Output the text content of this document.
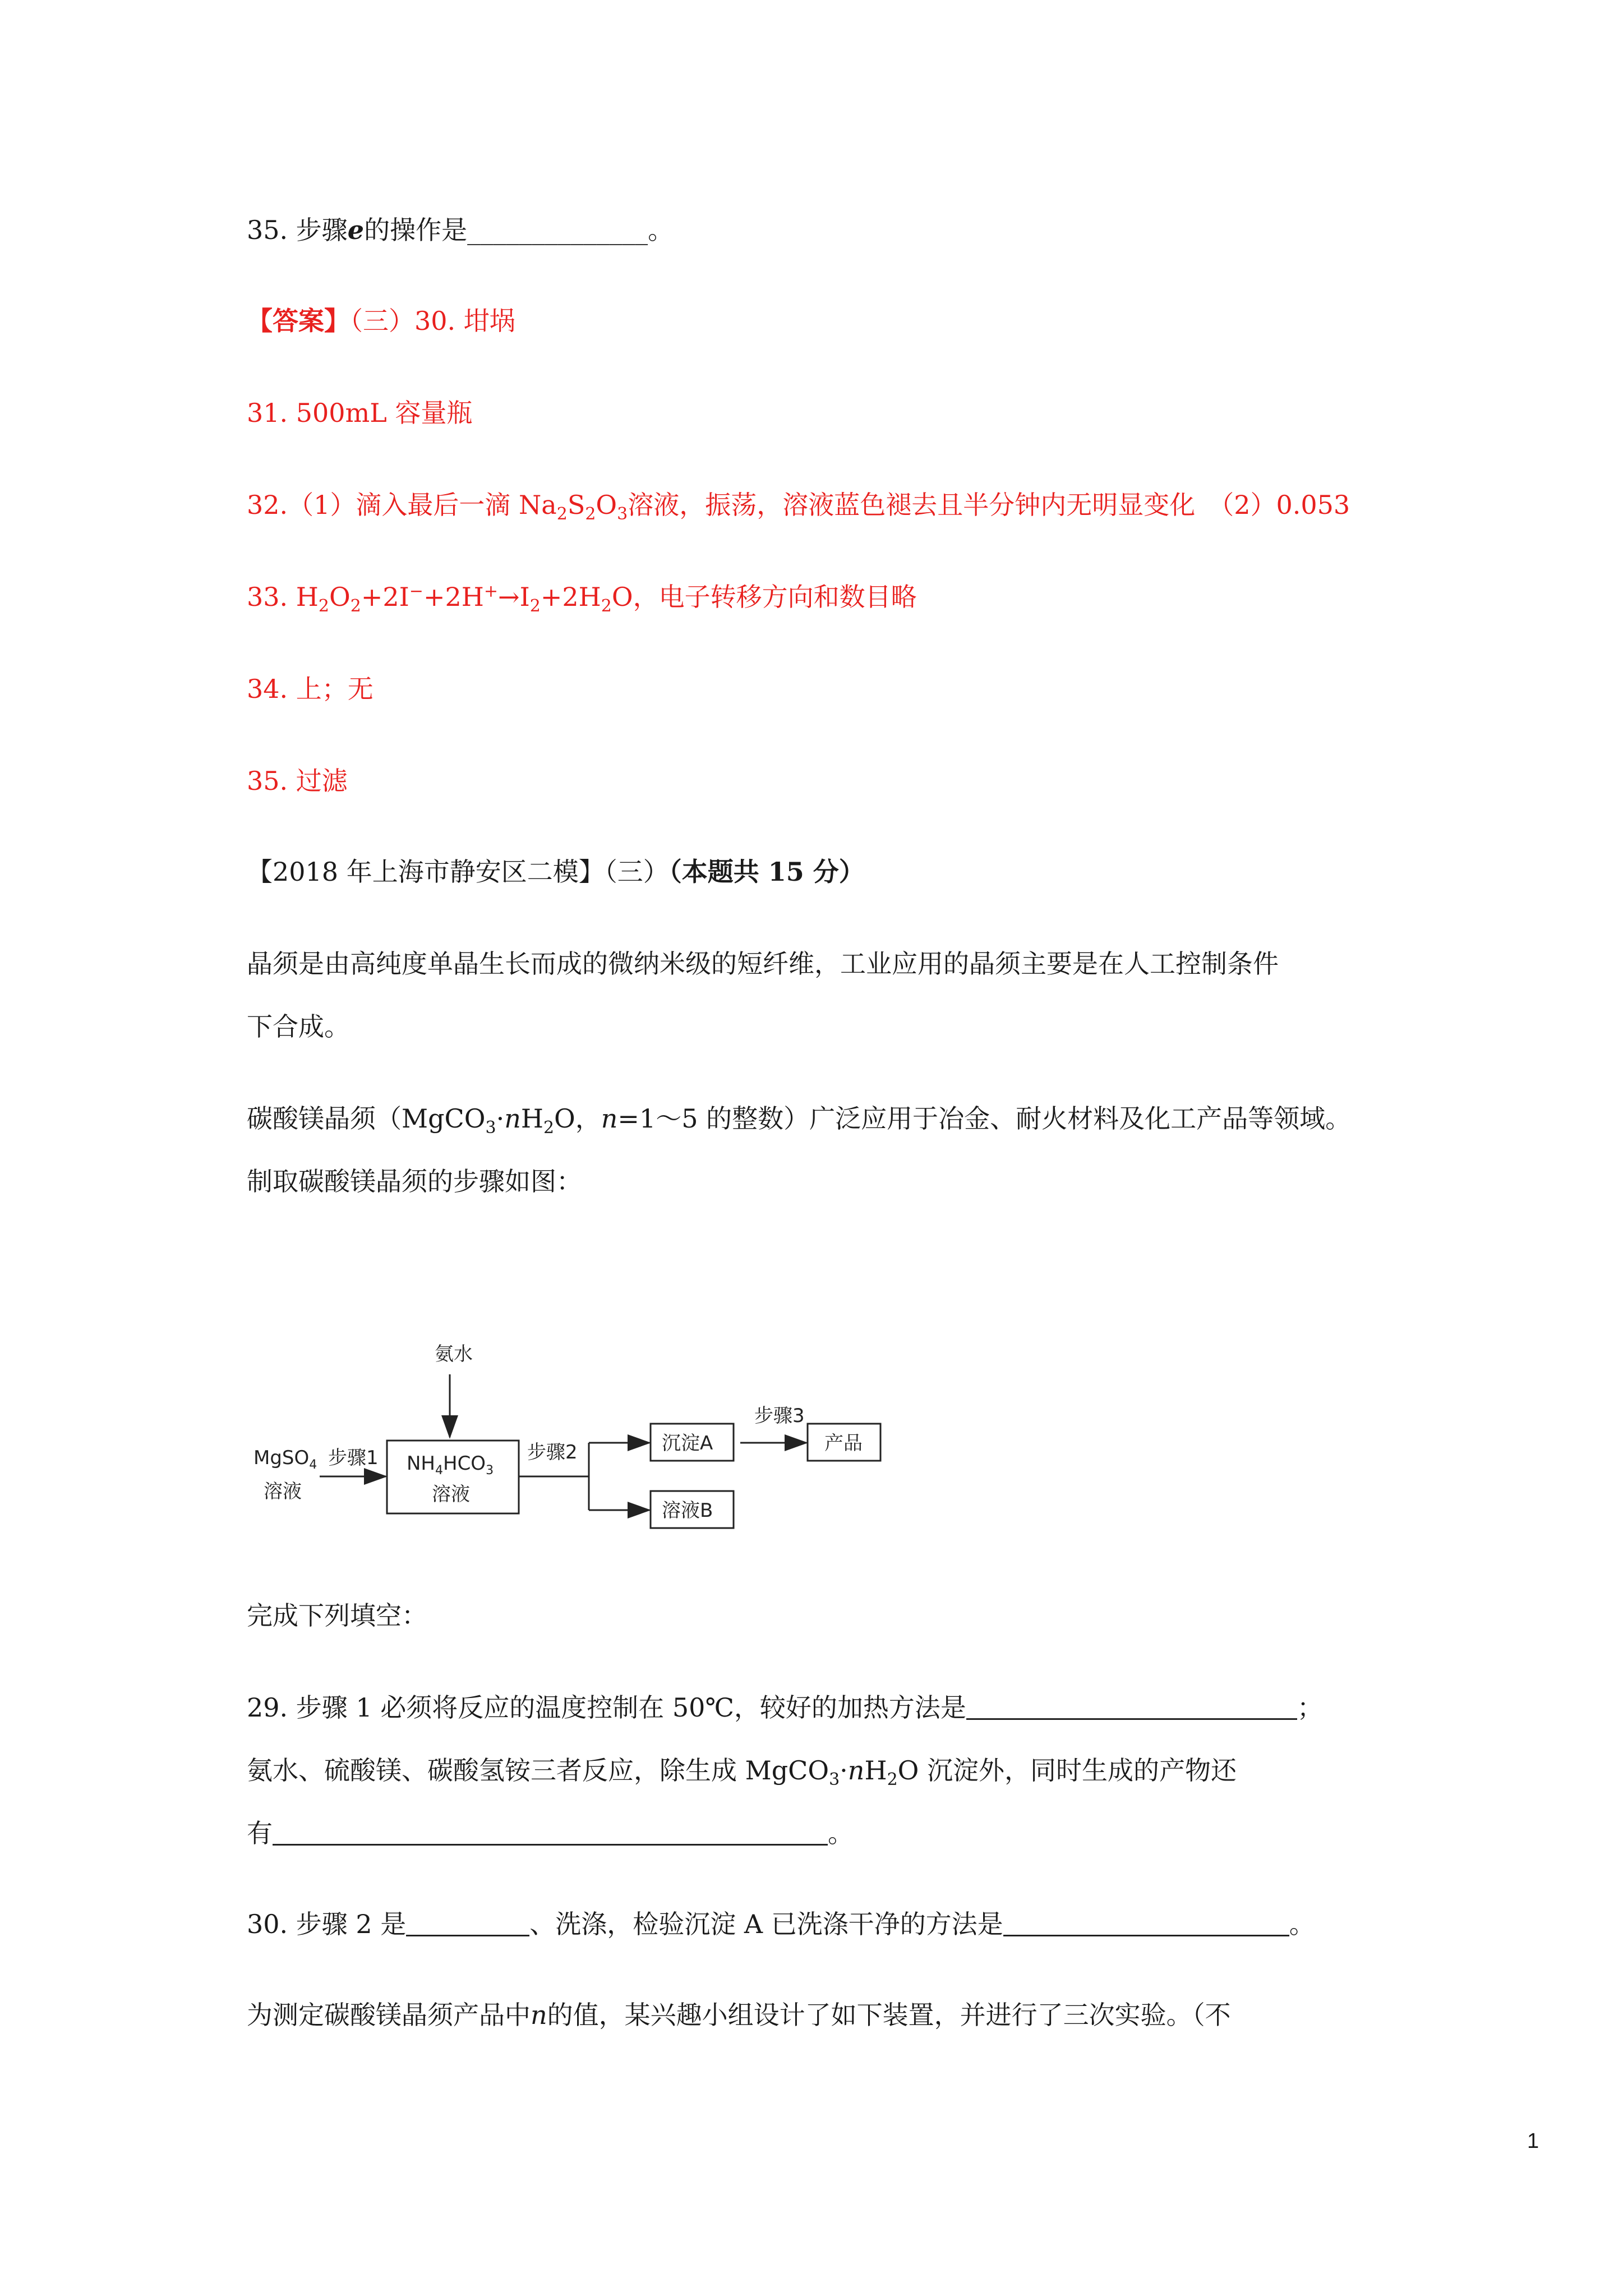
35. 步骤e的操作是______________。
【答案】（三）30. 坩埚
31. 500mL 容量瓶
32.（1）滴入最后一滴 $Na_2S_2O_3$溶液，振荡，溶液蓝色褪去且半分钟内无明显变化　（2）0.053
33. $H_2O_2+2I^-+2H^+\to I_2+2H_2O$，电子转移方向和数目略
34. 上；无
35. 过滤
【2018 年上海市静安区二模】（三）（本题共 15 分）
晶须是由高纯度单晶生长而成的微纳米级的短纤维，工业应用的晶须主要是在人工控制条件
下合成。
碳酸镁晶须（$MgCO_3\cdot nH_2O$，n=1～5 的整数）广泛应用于冶金、耐火材料及化工产品等领域。
制取碳酸镁晶须的步骤如图：
氨水
MgSO$_4$
溶液
步骤1 $NH_4HCO_3$
溶液
步骤2	沉淀A
溶液B
步骤3
产品
完成下列填空：
29. 步骤 1 必须将反应的温度控制在 50℃，较好的加热方法是	；
氨水、硫酸镁、碳酸氢铵三者反应，除生成 $MgCO_3\cdot nH_2O$ 沉淀外，同时生成的产物还
有	。
30. 步骤 2 是	、洗涤，检验沉淀 A 已洗涤干净的方法是	。
为测定碳酸镁晶须产品中n的值，某兴趣小组设计了如下装置，并进行了三次实验。（不
1
